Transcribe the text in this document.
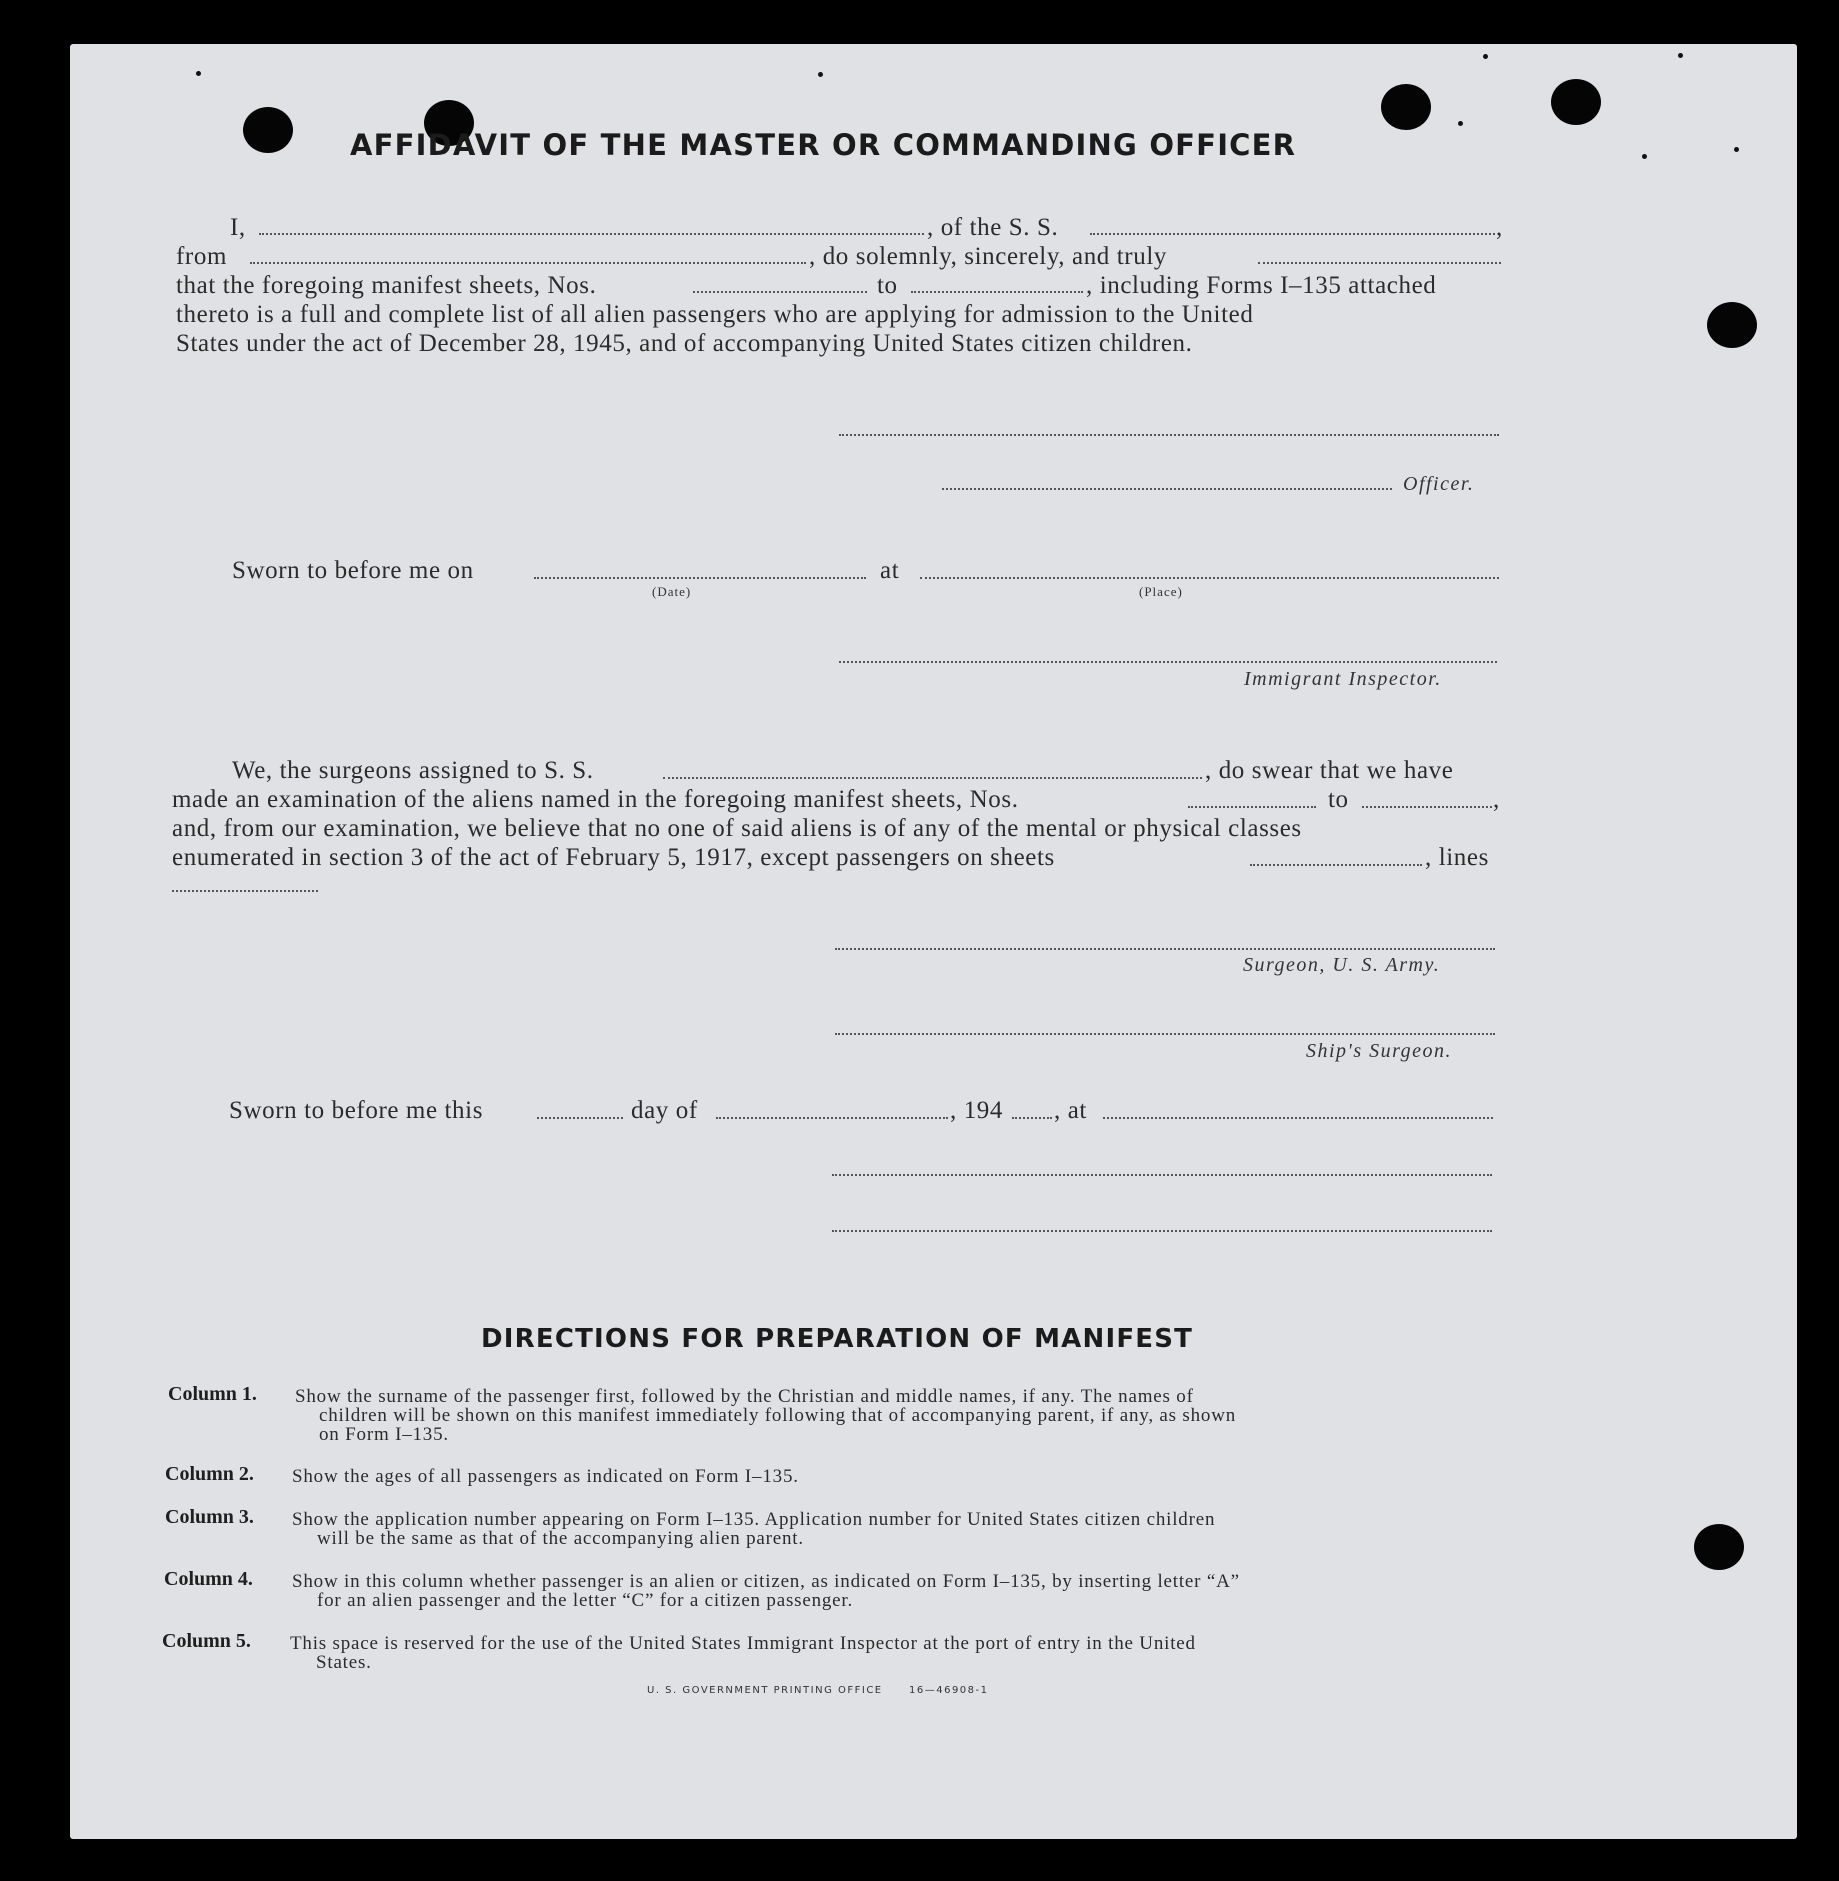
AFFIDAVIT OF THE MASTER OR COMMANDING OFFICER
I,	, of the S. S.	,
from	, do solemnly, sincerely, and truly
that the foregoing manifest sheets, Nos.	to	, including Forms I–135 attached
thereto is a full and complete list of all alien passengers who are applying for admission to the United
States under the act of December 28, 1945, and of accompanying United States citizen children.
Officer.
Sworn to before me on
(Date)
at
(Place)
Immigrant Inspector.
We, the surgeons assigned to S. S.	, do swear that we have
made an examination of the aliens named in the foregoing manifest sheets, Nos.	to	,
and, from our examination, we believe that no one of said aliens is of any of the mental or physical classes
enumerated in section 3 of the act of February 5, 1917, except passengers on sheets	, lines
Surgeon, U. S. Army.
Ship's Surgeon.
Sworn to before me this	day of	, 194 , at
DIRECTIONS FOR PREPARATION OF MANIFEST
Column 1. Show the surname of the passenger first, followed by the Christian and middle names, if any. The names of
children will be shown on this manifest immediately following that of accompanying parent, if any, as shown
on Form I–135.
Column 2. Show the ages of all passengers as indicated on Form I–135.
Column 3. Show the application number appearing on Form I–135. Application number for United States citizen children
will be the same as that of the accompanying alien parent.
Column 4. Show in this column whether passenger is an alien or citizen, as indicated on Form I–135, by inserting letter “A”
for an alien passenger and the letter “C” for a citizen passenger.
Column 5. This space is reserved for the use of the United States Immigrant Inspector at the port of entry in the United
States.
U. S. GOVERNMENT PRINTING OFFICE	16—46908-1
